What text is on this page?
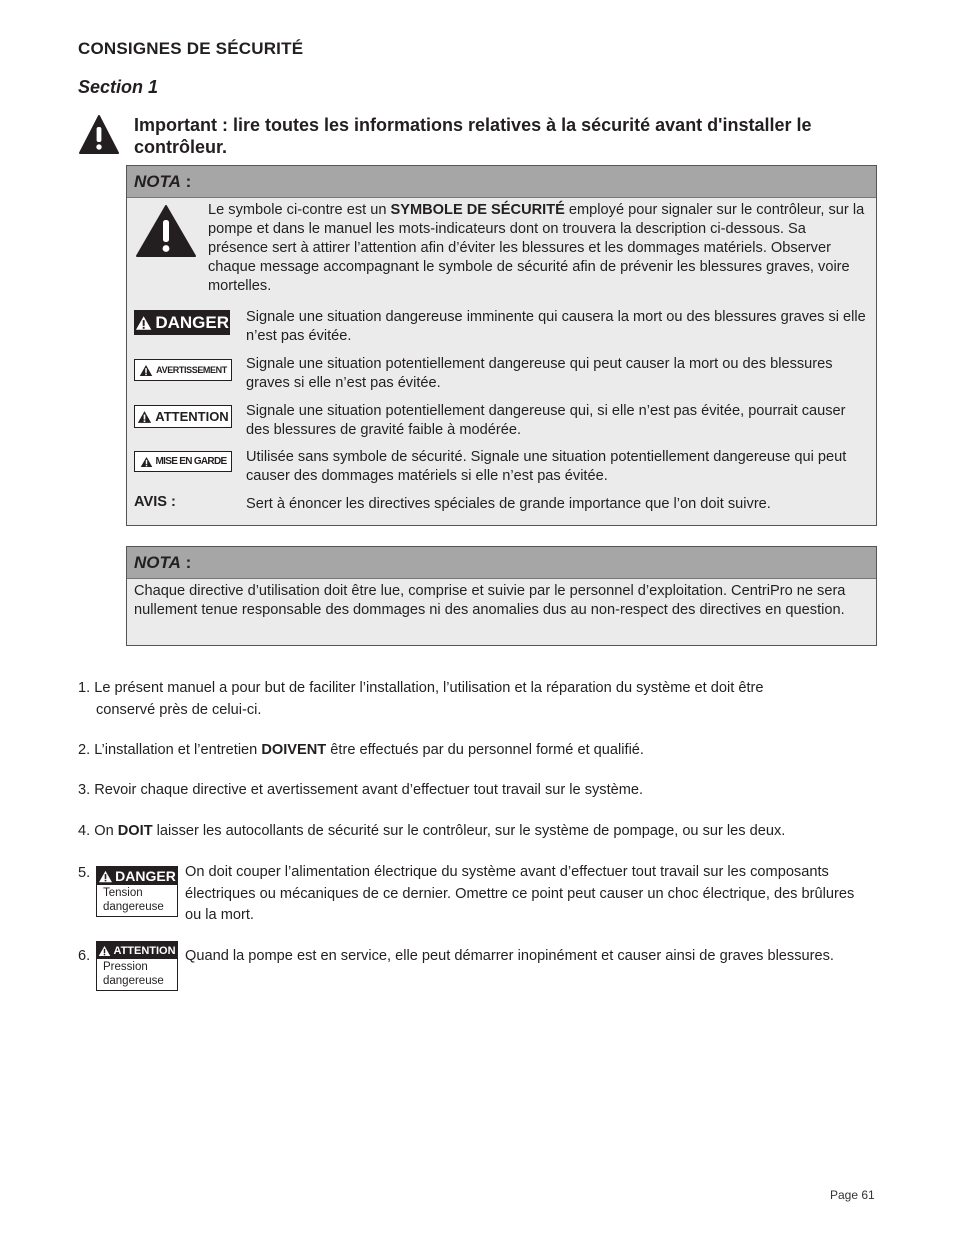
CONSIGNES DE SÉCURITÉ
Section 1
Important : lire toutes les informations relatives à la sécurité avant d'installer le contrôleur.
NOTA :
Le symbole ci-contre est un SYMBOLE DE SÉCURITÉ employé pour signaler sur le contrôleur, sur la pompe et dans le manuel les mots-indicateurs dont on trouvera la description ci-dessous. Sa présence sert à attirer l’attention afin d’éviter les blessures et les dommages matériels. Observer chaque message accompagnant le symbole de sécurité afin de prévenir les blessures graves, voire mortelles.
DANGER Signale une situation dangereuse imminente qui causera la mort ou des blessures graves si elle n’est pas évitée.
AVERTISSEMENT Signale une situation potentiellement dangereuse qui peut causer la mort ou des blessures graves si elle n’est pas évitée.
ATTENTION Signale une situation potentiellement dangereuse qui, si elle n’est pas évitée, pourrait causer des blessures de gravité faible à modérée.
MISE EN GARDE Utilisée sans symbole de sécurité. Signale une situation potentiellement dangereuse qui peut causer des dommages matériels si elle n’est pas évitée.
AVIS :	Sert à énoncer les directives spéciales de grande importance que l’on doit suivre.
NOTA :
Chaque directive d’utilisation doit être lue, comprise et suivie par le personnel d’exploitation. CentriPro ne sera nullement tenue responsable des dommages ni des anomalies dus au non-respect des directives en question.
1. Le présent manuel a pour but de faciliter l’installation, l’utilisation et la réparation du système et doit être
conservé près de celui-ci.
2. L’installation et l’entretien DOIVENT être effectués par du personnel formé et qualifié.
3. Revoir chaque directive et avertissement avant d’effectuer tout travail sur le système.
4. On DOIT laisser les autocollants de sécurité sur le contrôleur, sur le système de pompage, ou sur les deux.
5. DANGER
Tension
dangereuse
On doit couper l’alimentation électrique du système avant d’effectuer tout travail sur les composants électriques ou mécaniques de ce dernier. Omettre ce point peut causer un choc électrique, des brûlures ou la mort.
6. ATTENTION
Pression
dangereuse
Quand la pompe est en service, elle peut démarrer inopinément et causer ainsi de graves blessures.
Page 61
